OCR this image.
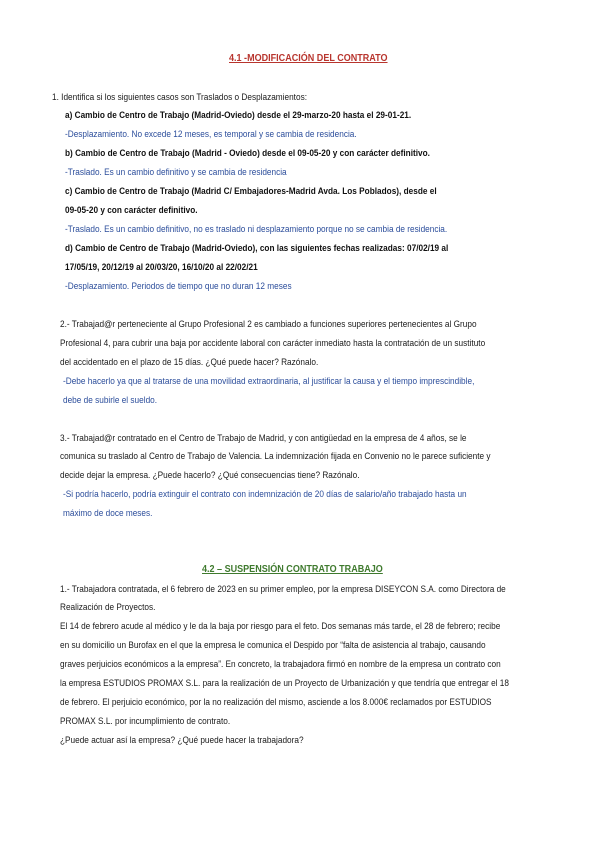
4.1 -MODIFICACIÓN DEL CONTRATO
1. Identifica si los siguientes casos son Traslados o Desplazamientos:
a) Cambio de Centro de Trabajo (Madrid-Oviedo) desde el 29-marzo-20 hasta el 29-01-21.
-Desplazamiento. No excede 12 meses, es temporal y se cambia de residencia.
b) Cambio de Centro de Trabajo (Madrid - Oviedo) desde el 09-05-20 y con carácter definitivo.
-Traslado. Es un cambio definitivo y se cambia de residencia
c) Cambio de Centro de Trabajo (Madrid C/ Embajadores-Madrid Avda. Los Poblados), desde el
09-05-20 y con carácter definitivo.
-Traslado. Es un cambio definitivo, no es traslado ni desplazamiento porque no se cambia de residencia.
d) Cambio de Centro de Trabajo (Madrid-Oviedo), con las siguientes fechas realizadas: 07/02/19 al
17/05/19, 20/12/19 al 20/03/20, 16/10/20 al 22/02/21
-Desplazamiento. Periodos de tiempo que no duran 12 meses
2.- Trabajad@r perteneciente al Grupo Profesional 2 es cambiado a funciones superiores pertenecientes al Grupo
Profesional 4, para cubrir una baja por accidente laboral con carácter inmediato hasta la contratación de un sustituto
del accidentado en el plazo de 15 días. ¿Qué puede hacer? Razónalo.
-Debe hacerlo ya que al tratarse de una movilidad extraordinaria, al justificar la causa y el tiempo imprescindible,
debe de subirle el sueldo.
3.- Trabajad@r contratado en el Centro de Trabajo de Madrid, y con antigüedad en la empresa de 4 años, se le
comunica su traslado al Centro de Trabajo de Valencia. La indemnización fijada en Convenio no le parece suficiente y
decide dejar la empresa. ¿Puede hacerlo? ¿Qué consecuencias tiene? Razónalo.
-Si podría hacerlo, podría extinguir el contrato con indemnización de 20 días de salario/año trabajado hasta un
máximo de doce meses.
4.2 – SUSPENSIÓN CONTRATO TRABAJO
1.- Trabajadora contratada, el 6 febrero de 2023 en su primer empleo, por la empresa DISEYCON S.A. como Directora de
Realización de Proyectos.
El 14 de febrero acude al médico y le da la baja por riesgo para el feto. Dos semanas más tarde, el 28 de febrero; recibe
en su domicilio un Burofax en el que la empresa le comunica el Despido por “falta de asistencia al trabajo, causando
graves perjuicios económicos a la empresa”. En concreto, la trabajadora firmó en nombre de la empresa un contrato con
la empresa ESTUDIOS PROMAX S.L. para la realización de un Proyecto de Urbanización y que tendría que entregar el 18
de febrero. El perjuicio económico, por la no realización del mismo, asciende a los 8.000€ reclamados por ESTUDIOS
PROMAX S.L. por incumplimiento de contrato.
¿Puede actuar así la empresa? ¿Qué puede hacer la trabajadora?
